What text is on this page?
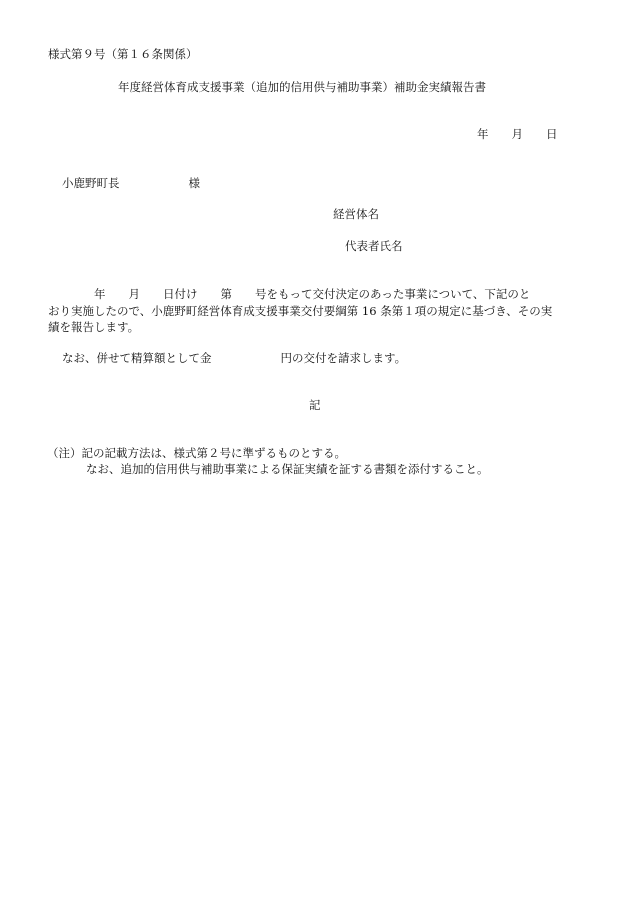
様式第９号（第１６条関係）
年度経営体育成支援事業（追加的信用供与補助事業）補助金実績報告書
年　　月　　日
小鹿野町長　　　　　　様
経営体名
代表者氏名
　　　　年　　月　　日付け　　第　　号をもって交付決定のあった事業について、下記のと
おり実施したので、小鹿野町経営体育成支援事業交付要綱第 16 条第１項の規定に基づき、その実
績を報告します。
なお、併せて精算額として金　　　　　　円の交付を請求します。
記
（注）記の記載方法は、様式第２号に準ずるものとする。
なお、追加的信用供与補助事業による保証実績を証する書類を添付すること。
